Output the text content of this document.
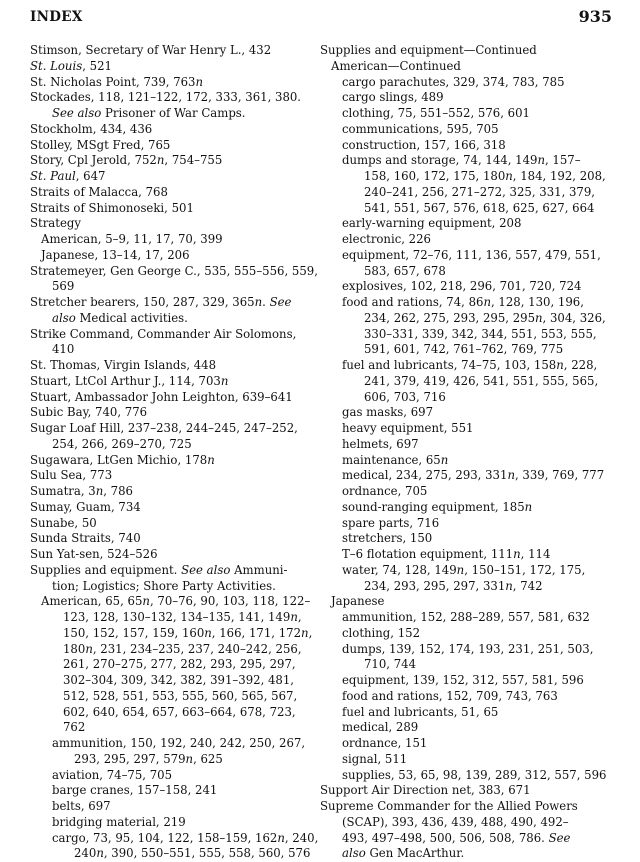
INDEX	935
Stimson, Secretary of War Henry L., 432
St. Louis, 521
St. Nicholas Point, 739, 763n
Stockades, 118, 121–122, 172, 333, 361, 380.
See also Prisoner of War Camps.
Stockholm, 434, 436
Stolley, MSgt Fred, 765
Story, Cpl Jerold, 752n, 754–755
St. Paul, 647
Straits of Malacca, 768
Straits of Shimonoseki, 501
Strategy
American, 5–9, 11, 17, 70, 399
Japanese, 13–14, 17, 206
Stratemeyer, Gen George C., 535, 555–556, 559,
569
Stretcher bearers, 150, 287, 329, 365n. See
also Medical activities.
Strike Command, Commander Air Solomons,
410
St. Thomas, Virgin Islands, 448
Stuart, LtCol Arthur J., 114, 703n
Stuart, Ambassador John Leighton, 639–641
Subic Bay, 740, 776
Sugar Loaf Hill, 237–238, 244–245, 247–252,
254, 266, 269–270, 725
Sugawara, LtGen Michio, 178n
Sulu Sea, 773
Sumatra, 3n, 786
Sumay, Guam, 734
Sunabe, 50
Sunda Straits, 740
Sun Yat-sen, 524–526
Supplies and equipment. See also Ammuni-
tion; Logistics; Shore Party Activities.
American, 65, 65n, 70–76, 90, 103, 118, 122–
123, 128, 130–132, 134–135, 141, 149n,
150, 152, 157, 159, 160n, 166, 171, 172n,
180n, 231, 234–235, 237, 240–242, 256,
261, 270–275, 277, 282, 293, 295, 297,
302–304, 309, 342, 382, 391–392, 481,
512, 528, 551, 553, 555, 560, 565, 567,
602, 640, 654, 657, 663–664, 678, 723,
762
ammunition, 150, 192, 240, 242, 250, 267,
293, 295, 297, 579n, 625
aviation, 74–75, 705
barge cranes, 157–158, 241
belts, 697
bridging material, 219
cargo, 73, 95, 104, 122, 158–159, 162n, 240,
240n, 390, 550–551, 555, 558, 560, 576
Supplies and equipment—Continued
American—Continued
cargo parachutes, 329, 374, 783, 785
cargo slings, 489
clothing, 75, 551–552, 576, 601
communications, 595, 705
construction, 157, 166, 318
dumps and storage, 74, 144, 149n, 157–
158, 160, 172, 175, 180n, 184, 192, 208,
240–241, 256, 271–272, 325, 331, 379,
541, 551, 567, 576, 618, 625, 627, 664
early-warning equipment, 208
electronic, 226
equipment, 72–76, 111, 136, 557, 479, 551,
583, 657, 678
explosives, 102, 218, 296, 701, 720, 724
food and rations, 74, 86n, 128, 130, 196,
234, 262, 275, 293, 295, 295n, 304, 326,
330–331, 339, 342, 344, 551, 553, 555,
591, 601, 742, 761–762, 769, 775
fuel and lubricants, 74–75, 103, 158n, 228,
241, 379, 419, 426, 541, 551, 555, 565,
606, 703, 716
gas masks, 697
heavy equipment, 551
helmets, 697
maintenance, 65n
medical, 234, 275, 293, 331n, 339, 769, 777
ordnance, 705
sound-ranging equipment, 185n
spare parts, 716
stretchers, 150
T–6 flotation equipment, 111n, 114
water, 74, 128, 149n, 150–151, 172, 175,
234, 293, 295, 297, 331n, 742
Japanese
ammunition, 152, 288–289, 557, 581, 632
clothing, 152
dumps, 139, 152, 174, 193, 231, 251, 503,
710, 744
equipment, 139, 152, 312, 557, 581, 596
food and rations, 152, 709, 743, 763
fuel and lubricants, 51, 65
medical, 289
ordnance, 151
signal, 511
supplies, 53, 65, 98, 139, 289, 312, 557, 596
Support Air Direction net, 383, 671
Supreme Commander for the Allied Powers
(SCAP), 393, 436, 439, 488, 490, 492–
493, 497–498, 500, 506, 508, 786. See
also Gen MacArthur.
